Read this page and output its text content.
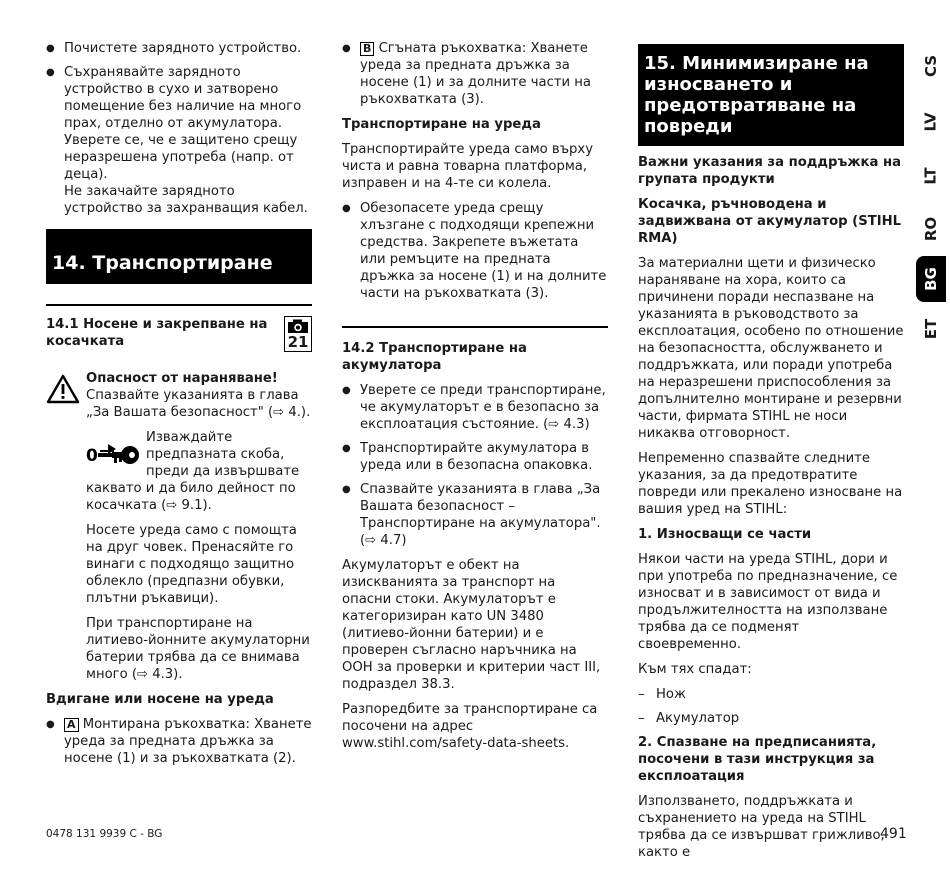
● Почистете зарядното устройство.
● Съхранявайте зарядното устройство в сухо и затворено помещение без наличие на много прах, отделно от акумулатора. Уверете се, че е защитено срещу неразрешена употреба (напр. от деца).
Не закачайте зарядното устройство за захранващия кабел.
14. Транспортиране
14.1 Носене и закрепване на косачката	21

Опасност от нараняване!

Спазвайте указанията в глава „За Вашата безопасност" (⇨ 4.).

0
Изваждайте предпазната скоба, преди да извършвате каквато и да било дейност по косачката (⇨ 9.1).

Носете уреда само с помощта на друг човек. Пренасяйте го винаги с подходящо защитно облекло (предпазни обувки, плътни ръкавици).

При транспортиране на литиево-йонните акумулаторни батерии трябва да се внимава много (⇨ 4.3).

Вдигане или носене на уреда

● A Монтирана ръкохватка: Хванете уреда за предната дръжка за носене (1) и за ръкохватката (2).
● B Сгъната ръкохватка: Хванете уреда за предната дръжка за носене (1) и за долните части на ръкохватката (3).

Транспортиране на уреда

Транспортирайте уреда само върху чиста и равна товарна платформа, изправен и на 4-те си колела.

● Обезопасете уреда срещу хлъзгане с подходящи крепежни средства. Закрепете въжетата или ремъците на предната дръжка за носене (1) и на долните части на ръкохватката (3).

14.2 Транспортиране на акумулатора

● Уверете се преди транспортиране, че акумулаторът е в безопасно за експлоатация състояние. (⇨ 4.3)
● Транспортирайте акумулатора в уреда или в безопасна опаковка.
● Спазвайте указанията в глава „За Вашата безопасност – Транспортиране на акумулатора". (⇨ 4.7)

Акумулаторът е обект на изискванията за транспорт на опасни стоки. Акумулаторът е категоризиран като UN 3480 (литиево-йонни батерии) и е проверен съгласно наръчника на ООН за проверки и критерии част III, подраздел 38.3.

Разпоредбите за транспортиране са посочени на адрес www.stihl.com/safety-data-sheets.

15. Минимизиране на износването и предотвратяване на повреди

Важни указания за поддръжка на групата продукти

Косачка, ръчноводена и задвижвана от акумулатор (STIHL RMA)

За материални щети и физическо нараняване на хора, които са причинени поради неспазване на указанията в ръководството за експлоатация, особено по отношение на безопасността, обслужването и поддръжката, или поради употреба на неразрешени приспособления за допълнително монтиране и резервни части, фирмата STIHL не носи никаква отговорност.

Непременно спазвайте следните указания, за да предотвратите повреди или прекалено износване на вашия уред на STIHL:

1. Износващи се части

Някои части на уреда STIHL, дори и при употреба по предназначение, се износват и в зависимост от вида и продължителността на използване трябва да се подменят своевременно.

Към тях спадат:

– Нож
– Акумулатор

2. Спазване на предписанията, посочени в тази инструкция за експлоатация

Използването, поддръжката и съхранението на уреда на STIHL трябва да се извършват грижливо, както е

CS
LV
LT
RO
BG
ET
0478 131 9939 C - BG	491
